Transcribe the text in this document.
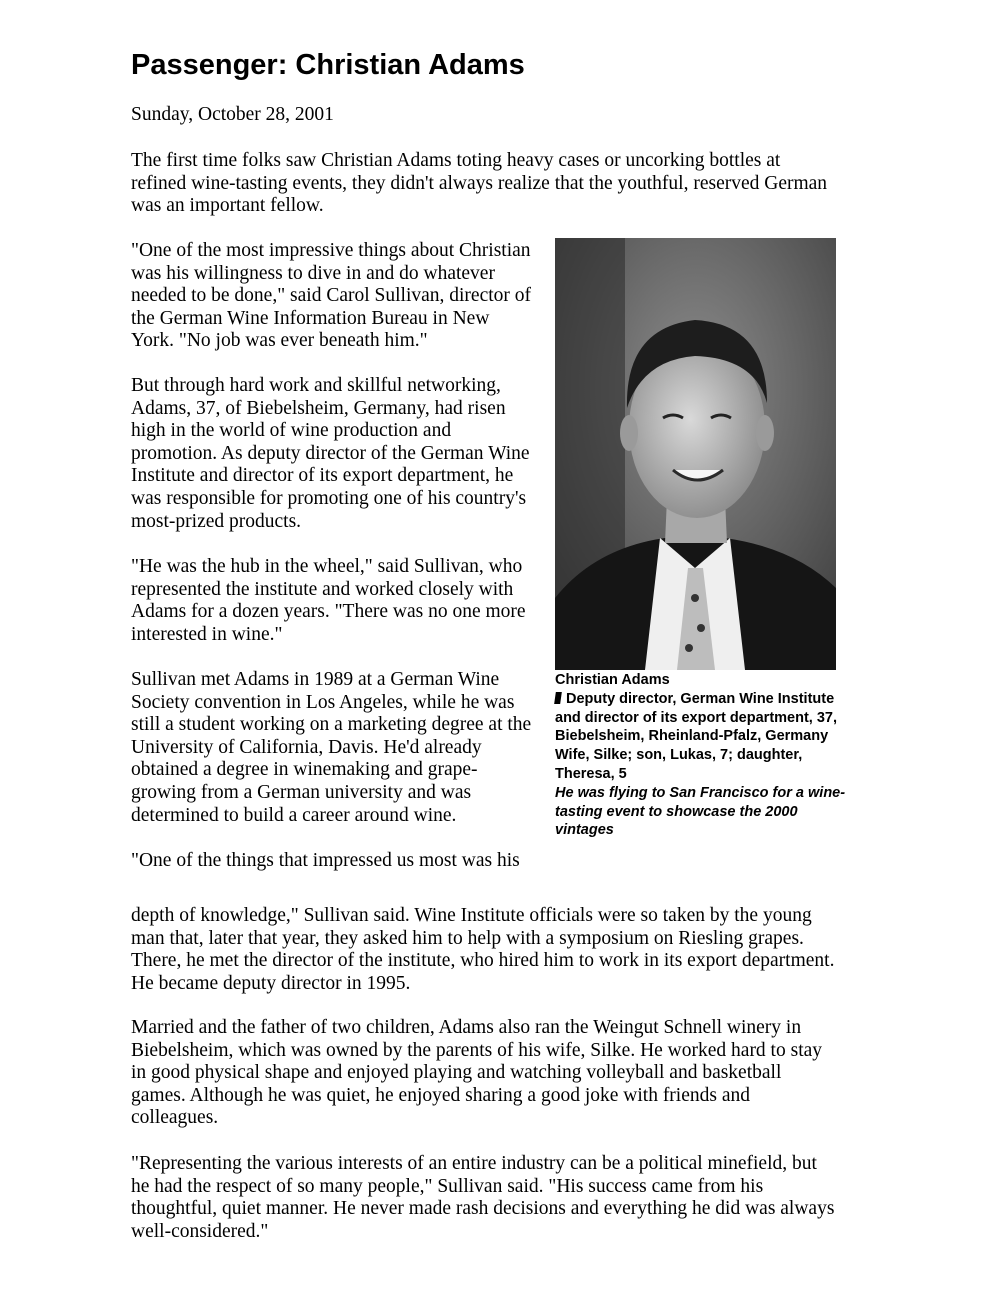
Passenger: Christian Adams

Sunday, October 28, 2001

The first time folks saw Christian Adams toting heavy cases or uncorking bottles at refined wine-tasting events, they didn't always realize that the youthful, reserved German was an important fellow.

"One of the most impressive things about Christian was his willingness to dive in and do whatever needed to be done," said Carol Sullivan, director of the German Wine Information Bureau in New York. "No job was ever beneath him."

But through hard work and skillful networking, Adams, 37, of Biebelsheim, Germany, had risen high in the world of wine production and promotion. As deputy director of the German Wine Institute and director of its export department, he was responsible for promoting one of his country's most-prized products.

"He was the hub in the wheel," said Sullivan, who represented the institute and worked closely with Adams for a dozen years. "There was no one more interested in wine."

Sullivan met Adams in 1989 at a German Wine Society convention in Los Angeles, while he was still a student working on a marketing degree at the University of California, Davis. He'd already obtained a degree in winemaking and grape-growing from a German university and was determined to build a career around wine.

"One of the things that impressed us most was his

depth of knowledge," Sullivan said. Wine Institute officials were so taken by the young man that, later that year, they asked him to help with a symposium on Riesling grapes. There, he met the director of the institute, who hired him to work in its export department. He became deputy director in 1995.

Married and the father of two children, Adams also ran the Weingut Schnell winery in Biebelsheim, which was owned by the parents of his wife, Silke. He worked hard to stay in good physical shape and enjoyed playing and watching volleyball and basketball games. Although he was quiet, he enjoyed sharing a good joke with friends and colleagues.

"Representing the various interests of an entire industry can be a political minefield, but he had the respect of so many people," Sullivan said. "His success came from his thoughtful, quiet manner. He never made rash decisions and everything he did was always well-considered."

Christian Adams
Deputy director, German Wine Institute and director of its export department, 37, Biebelsheim, Rheinland-Pfalz, Germany
Wife, Silke; son, Lukas, 7; daughter, Theresa, 5
He was flying to San Francisco for a wine-tasting event to showcase the 2000 vintages
